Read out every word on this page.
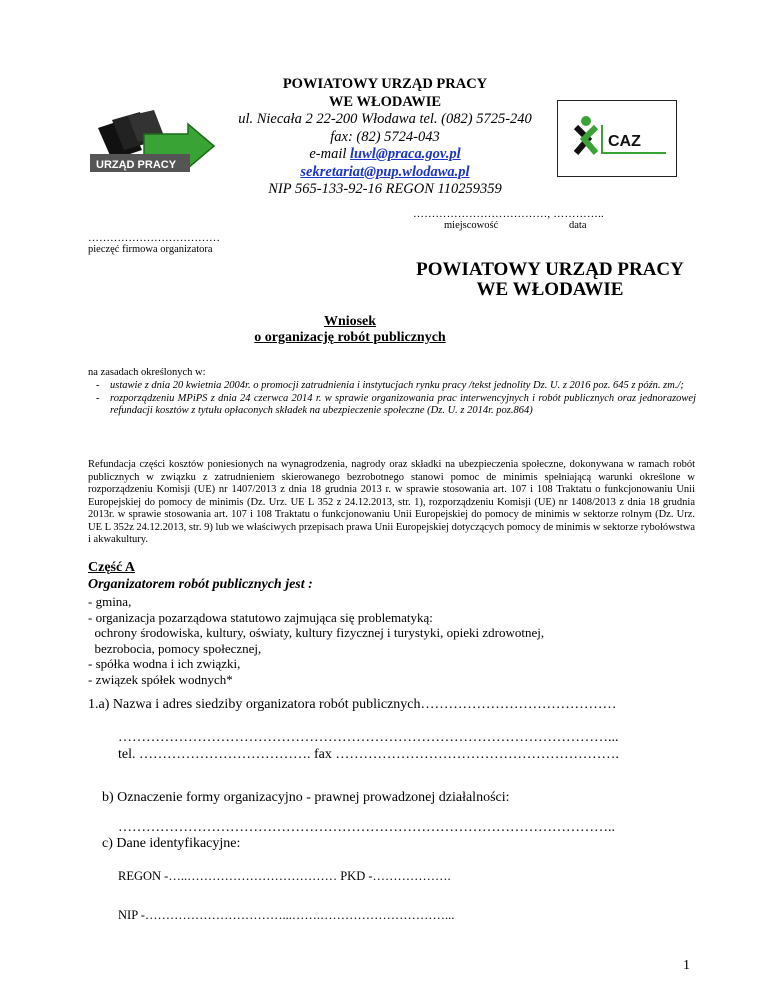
URZĄD PRACY
POWIATOWY URZĄD PRACY
WE WŁODAWIE
ul. Niecała 2 22-200 Włodawa tel. (082) 5725-240
fax: (82) 5724-043
e-mail luwl@praca.gov.pl
sekretariat@pup.wlodawa.pl
NIP 565-133-92-16 REGON 110259359
CAZ
………………………………, …………..
miejscowość	data
………………………………
pieczęć firmowa organizatora
POWIATOWY URZĄD PRACY
WE WŁODAWIE
Wniosek
o organizację robót publicznych
na zasadach określonych w:
-	ustawie z dnia 20 kwietnia 2004r. o promocji zatrudnienia i instytucjach rynku pracy /tekst jednolity Dz. U. z 2016 poz. 645 z późn. zm./;
-	rozporządzeniu MPiPS z dnia 24 czerwca 2014 r. w sprawie organizowania prac interwencyjnych i robót publicznych oraz jednorazowej refundacji kosztów z tytułu opłaconych składek na ubezpieczenie społeczne (Dz. U. z 2014r. poz.864)
Refundacja części kosztów poniesionych na wynagrodzenia, nagrody oraz składki na ubezpieczenia społeczne, dokonywana w ramach robót publicznych w związku z zatrudnieniem skierowanego bezrobotnego stanowi pomoc de minimis spełniającą warunki określone w rozporządzeniu Komisji (UE) nr 1407/2013 z dnia 18 grudnia 2013 r. w sprawie stosowania art. 107 i 108 Traktatu o funkcjonowaniu Unii Europejskiej do pomocy de minimis (Dz. Urz. UE L 352 z 24.12.2013, str. 1), rozporządzeniu Komisji (UE) nr 1408/2013 z dnia 18 grudnia 2013r. w sprawie stosowania art. 107 i 108 Traktatu o funkcjonowaniu Unii Europejskiej do pomocy de minimis w sektorze rolnym (Dz. Urz. UE L 352z 24.12.2013, str. 9) lub we właściwych przepisach prawa Unii Europejskiej dotyczących pomocy de minimis w sektorze rybołówstwa i akwakultury.
Część A
Organizatorem robót publicznych jest :
- gmina,
- organizacja pozarządowa statutowo zajmująca się problematyką:
ochrony środowiska, kultury, oświaty, kultury fizycznej i turystyki, opieki zdrowotnej,
bezrobocia, pomocy społecznej,
- spółka wodna i ich związki,
- związek spółek wodnych*
1.a) Nazwa i adres siedziby organizatora robót publicznych……………………………………
……………………………………………………………………………………………...
tel. ………………………………. fax …………………………………………………….
b) Oznaczenie formy organizacyjno - prawnej prowadzonej działalności:
……………………………………………………………………………………………..
c) Dane identyfikacyjne:
REGON -…..……………………………… PKD -……………….
NIP -……………………………...…….…………………………...
1
